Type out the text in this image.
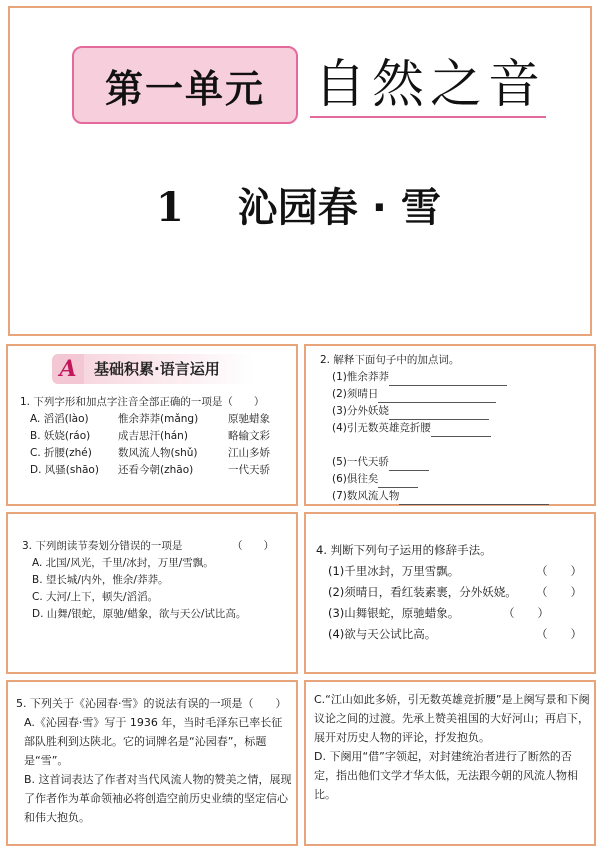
第一单元 自然之音
1 沁园春 · 雪
A	基础积累·语言运用
1. 下列字形和加点字注音全部正确的一项是（　　）
A. 滔滔(lào)	惟余莽莽(mǎng)	原驰蜡象
B. 妖娆(ráo)	成吉思汗(hán)	略输文彩
C. 折腰(zhé)	数风流人物(shǔ)	江山多娇
D. 风骚(shāo)	还看今朝(zhāo)	一代天骄
2. 解释下面句子中的加点词。
(1)惟余莽莽
(2)须晴日
(3)分外妖娆
(4)引无数英雄竞折腰
(5)一代天骄
(6)俱往矣
(7)数风流人物
3. 下列朗读节奏划分错误的一项是	（　　）
A. 北国/风光，千里/冰封，万里/雪飘。
B. 望长城/内外，惟余/莽莽。
C. 大河/上下，顿失/滔滔。
D. 山舞/银蛇，原驰/蜡象，欲与天公/试比高。
4. 判断下列句子运用的修辞手法。
(1)千里冰封，万里雪飘。	（　　）
(2)须晴日，看红装素裹，分外妖娆。	（　　）
(3)山舞银蛇，原驰蜡象。	（　　）
(4)欲与天公试比高。	（　　）
5. 下列关于《沁园春·雪》的说法有误的一项是（　　）
A.《沁园春·雪》写于 1936 年，当时毛泽东已率长征部队胜利到达陕北。它的词牌名是“沁园春”，标题是“雪”。
B. 这首词表达了作者对当代风流人物的赞美之情，展现了作者作为革命领袖必将创造空前历史业绩的坚定信心和伟大抱负。
C.“江山如此多娇，引无数英雄竞折腰”是上阕写景和下阕议论之间的过渡。先承上赞美祖国的大好河山；再启下，展开对历史人物的评论，抒发抱负。
D. 下阕用“借”字领起，对封建统治者进行了断然的否定，指出他们文学才华太低，无法跟今朝的风流人物相比。
